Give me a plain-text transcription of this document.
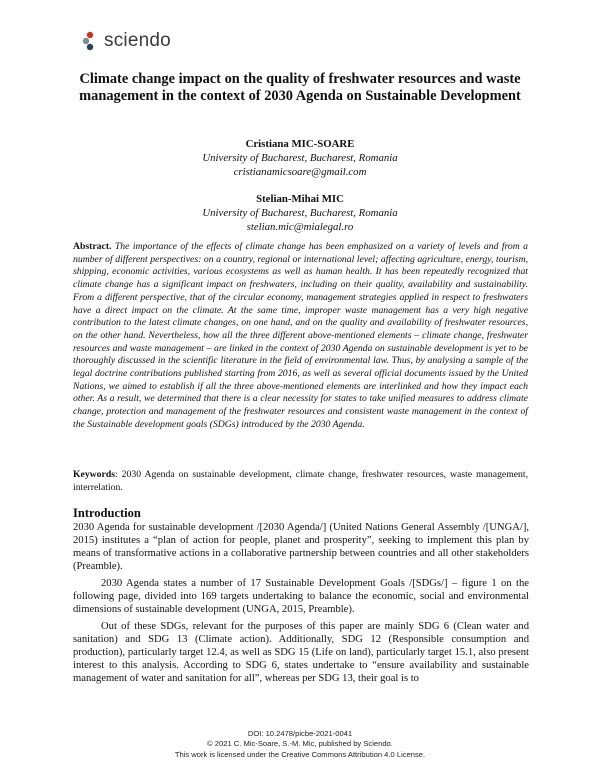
sciendo
Climate change impact on the quality of freshwater resources and waste management in the context of 2030 Agenda on Sustainable Development
Cristiana MIC-SOARE
University of Bucharest, Bucharest, Romania
cristianamicsoare@gmail.com
Stelian-Mihai MIC
University of Bucharest, Bucharest, Romania
stelian.mic@mialegal.ro
Abstract. The importance of the effects of climate change has been emphasized on a variety of levels and from a number of different perspectives: on a country, regional or international level; affecting agriculture, energy, tourism, shipping, economic activities, various ecosystems as well as human health. It has been repeatedly recognized that climate change has a significant impact on freshwaters, including on their quality, availability and sustainability. From a different perspective, that of the circular economy, management strategies applied in respect to freshwaters have a direct impact on the climate. At the same time, improper waste management has a very high negative contribution to the latest climate changes, on one hand, and on the quality and availability of freshwater resources, on the other hand. Nevertheless, how all the three different above-mentioned elements – climate change, freshwater resources and waste management – are linked in the context of 2030 Agenda on sustainable development is yet to be thoroughly discussed in the scientific literature in the field of environmental law. Thus, by analysing a sample of the legal doctrine contributions published starting from 2016, as well as several official documents issued by the United Nations, we aimed to establish if all the three above-mentioned elements are interlinked and how they impact each other. As a result, we determined that there is a clear necessity for states to take unified measures to address climate change, protection and management of the freshwater resources and consistent waste management in the context of the Sustainable development goals (SDGs) introduced by the 2030 Agenda.
Keywords: 2030 Agenda on sustainable development, climate change, freshwater resources, waste management, interrelation.
Introduction

2030 Agenda for sustainable development /[2030 Agenda/] (United Nations General Assembly /[UNGA/], 2015) institutes a “plan of action for people, planet and prosperity”, seeking to implement this plan by means of transformative actions in a collaborative partnership between countries and all other stakeholders (Preamble).

2030 Agenda states a number of 17 Sustainable Development Goals /[SDGs/] – figure 1 on the following page, divided into 169 targets undertaking to balance the economic, social and environmental dimensions of sustainable development (UNGA, 2015, Preamble).

Out of these SDGs, relevant for the purposes of this paper are mainly SDG 6 (Clean water and sanitation) and SDG 13 (Climate action). Additionally, SDG 12 (Responsible consumption and production), particularly target 12.4, as well as SDG 15 (Life on land), particularly target 15.1, also present interest to this analysis. According to SDG 6, states undertake to “ensure availability and sustainable management of water and sanitation for all”, whereas per SDG 13, their goal is to

DOI: 10.2478/picbe-2021-0041
© 2021 C. Mic-Soare, S.-M. Mic, published by Sciendo.
This work is licensed under the Creative Commons Attribution 4.0 License.
